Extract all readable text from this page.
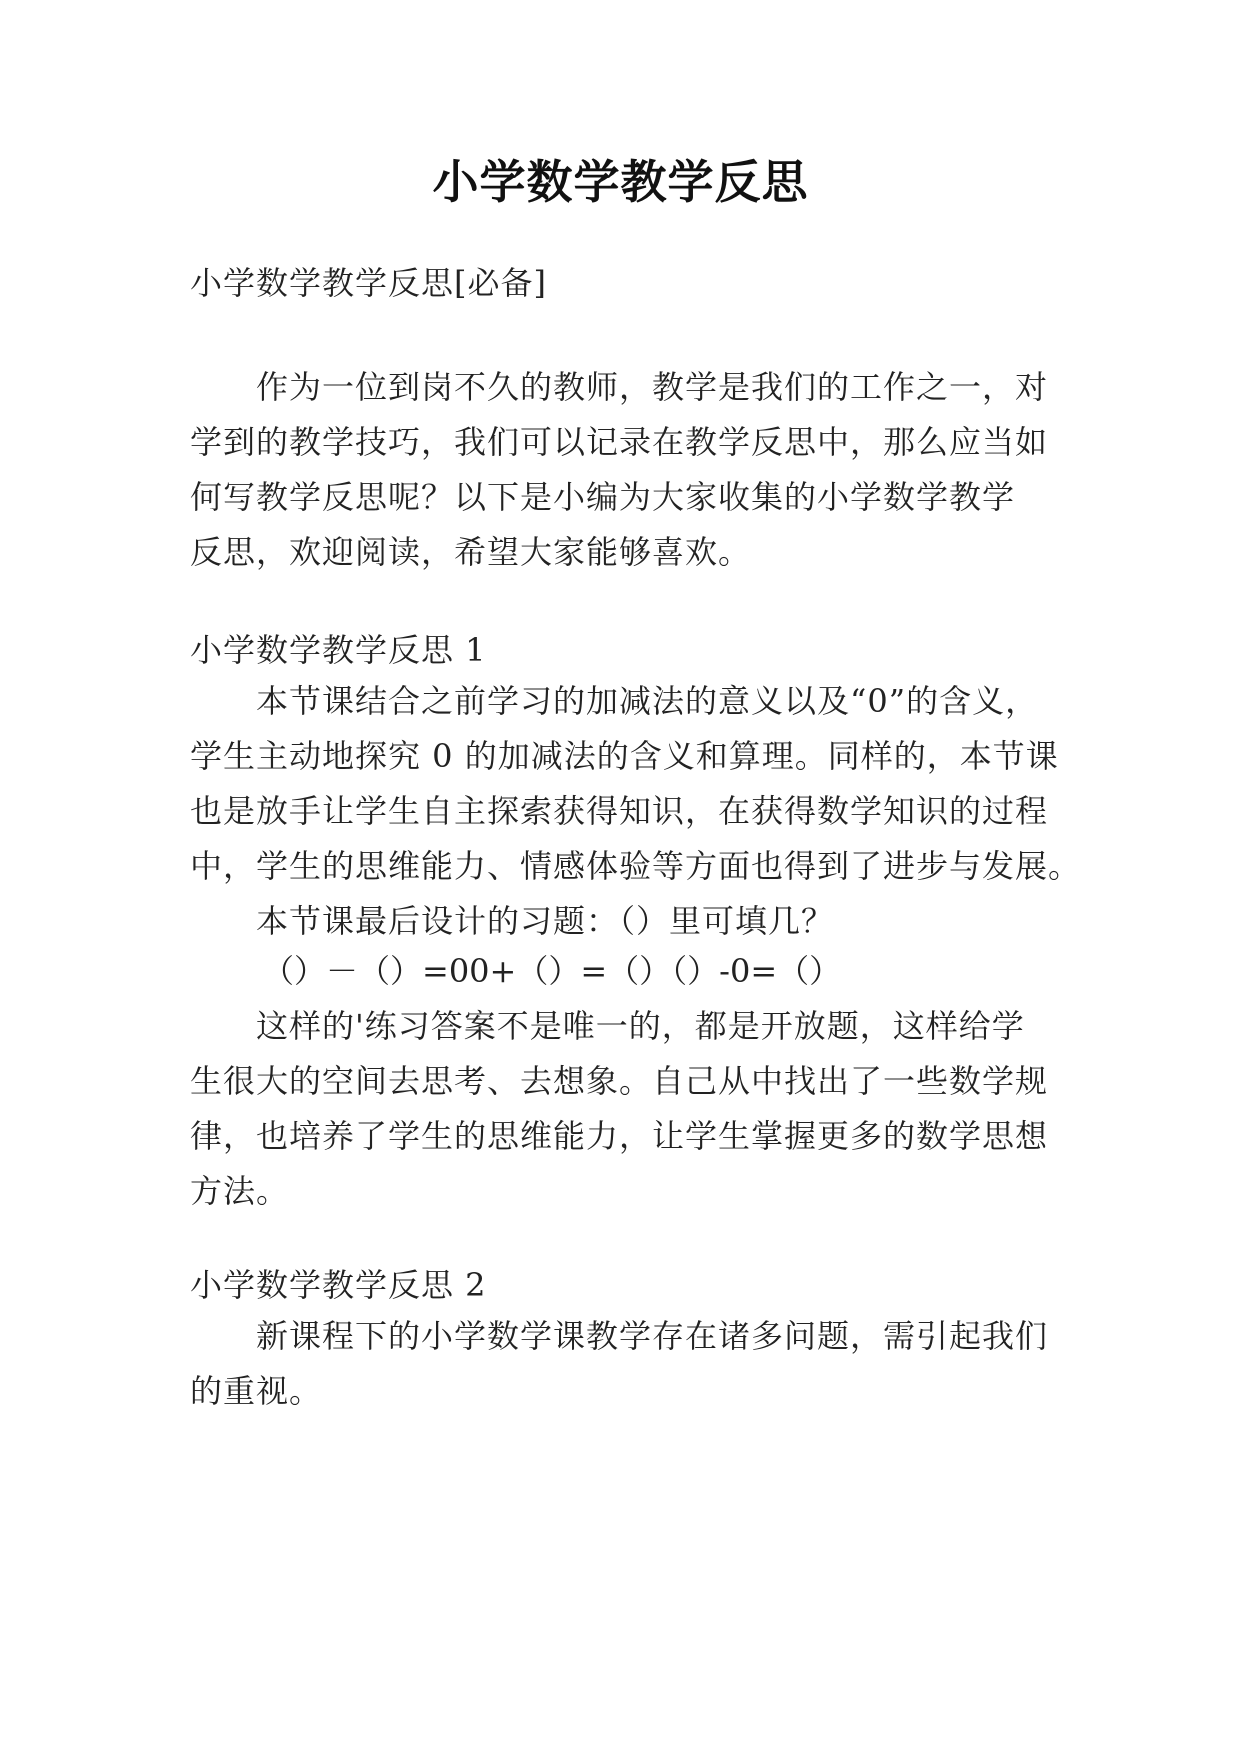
小学数学教学反思
小学数学教学反思[必备]
作为一位到岗不久的教师，教学是我们的工作之一，对
学到的教学技巧，我们可以记录在教学反思中，那么应当如
何写教学反思呢？以下是小编为大家收集的小学数学教学
反思，欢迎阅读，希望大家能够喜欢。
小学数学教学反思 1
本节课结合之前学习的加减法的意义以及“0”的含义，
学生主动地探究 0 的加减法的含义和算理。同样的，本节课
也是放手让学生自主探索获得知识，在获得数学知识的过程
中，学生的思维能力、情感体验等方面也得到了进步与发展。
本节课最后设计的习题：（）里可填几？
（）－（）=00+（）=（）（）-0=（）
这样的'练习答案不是唯一的，都是开放题，这样给学
生很大的空间去思考、去想象。自己从中找出了一些数学规
律，也培养了学生的思维能力，让学生掌握更多的数学思想
方法。
小学数学教学反思 2
新课程下的小学数学课教学存在诸多问题，需引起我们
的重视。
